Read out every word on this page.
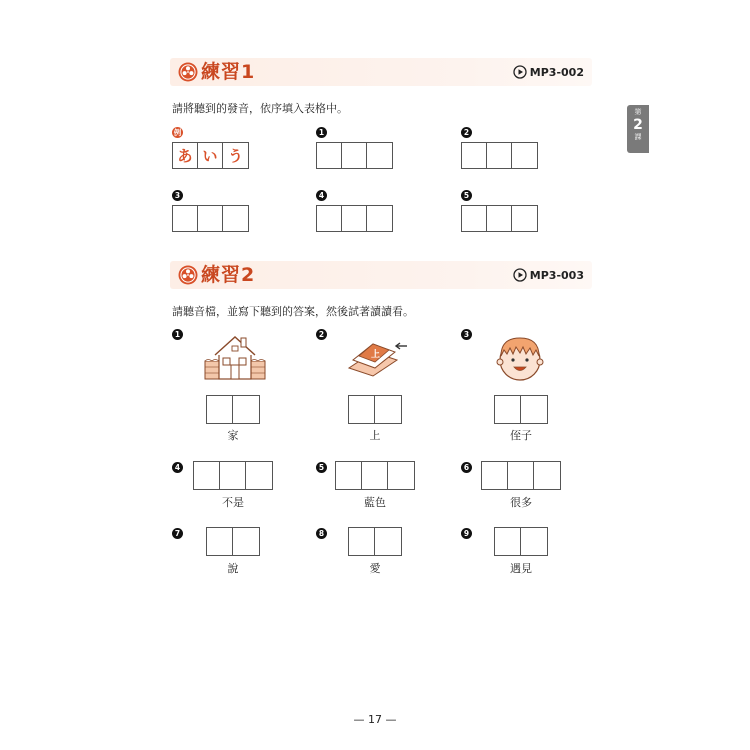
第
2
課
練習1	MP3-002
請將聽到的發音，依序填入表格中。
例
あ い う
1	2
3	4	5
練習2	MP3-003
請聽音檔，並寫下聽到的答案，然後試著讀讀看。
1
家
2
上
上
3
侄子
4
不是
5
藍色
6
很多
7
說
8
愛
9
遇見
— 17 —
